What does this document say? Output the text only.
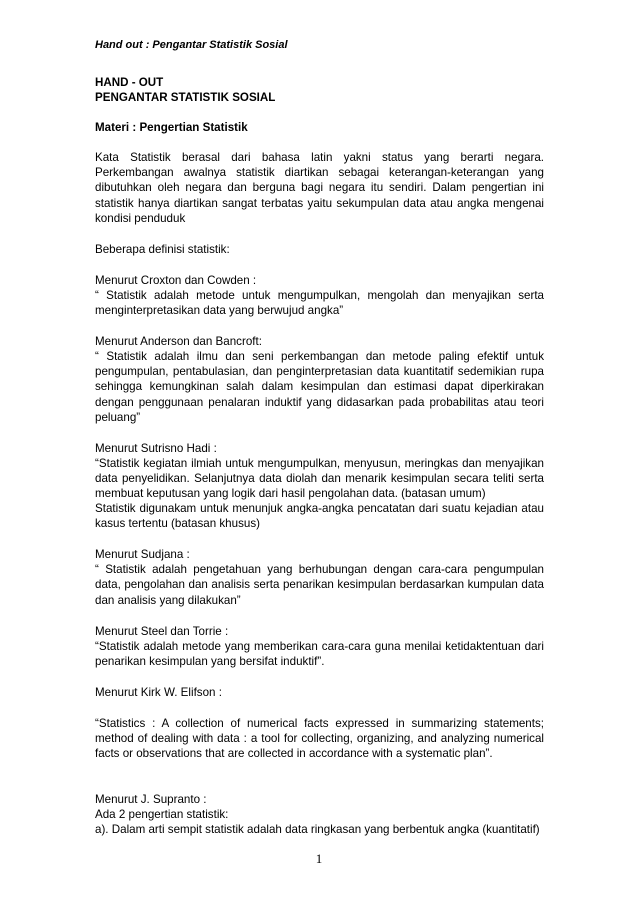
Hand out : Pengantar Statistik Sosial

HAND - OUT

PENGANTAR STATISTIK SOSIAL

Materi : Pengertian Statistik

Kata Statistik berasal dari bahasa latin yakni status yang berarti negara. Perkembangan awalnya statistik diartikan sebagai keterangan-keterangan yang dibutuhkan oleh negara dan berguna bagi negara itu sendiri. Dalam pengertian ini statistik hanya diartikan sangat terbatas yaitu sekumpulan data atau angka mengenai kondisi penduduk

Beberapa definisi statistik:

Menurut Croxton dan Cowden :

“ Statistik adalah metode untuk mengumpulkan, mengolah dan menyajikan serta menginterpretasikan data yang berwujud angka”

Menurut Anderson dan Bancroft:

“ Statistik adalah ilmu dan seni perkembangan dan metode paling efektif untuk pengumpulan, pentabulasian, dan penginterpretasian data kuantitatif sedemikian rupa sehingga kemungkinan salah dalam kesimpulan dan estimasi dapat diperkirakan dengan penggunaan penalaran induktif yang didasarkan pada probabilitas atau teori peluang”

Menurut Sutrisno Hadi :

“Statistik kegiatan ilmiah untuk mengumpulkan, menyusun, meringkas dan menyajikan data penyelidikan. Selanjutnya data diolah dan menarik kesimpulan secara teliti serta membuat keputusan yang logik dari hasil pengolahan data. (batasan umum)

Statistik digunakam untuk menunjuk angka-angka pencatatan dari suatu kejadian atau kasus tertentu (batasan khusus)

Menurut Sudjana :

“ Statistik adalah pengetahuan yang berhubungan dengan cara-cara pengumpulan data, pengolahan dan analisis serta penarikan kesimpulan berdasarkan kumpulan data dan analisis yang dilakukan”

Menurut Steel dan Torrie :

“Statistik adalah metode yang memberikan cara-cara guna menilai ketidaktentuan dari penarikan kesimpulan yang bersifat induktif”.

Menurut Kirk W. Elifson :

“Statistics : A collection of numerical facts expressed in summarizing statements; method of dealing with data : a tool for collecting, organizing, and analyzing numerical facts or observations that are collected in accordance with a systematic plan”.

Menurut J. Supranto :

Ada 2 pengertian statistik:

a). Dalam arti sempit statistik adalah data ringkasan yang berbentuk angka (kuantitatif)

1
